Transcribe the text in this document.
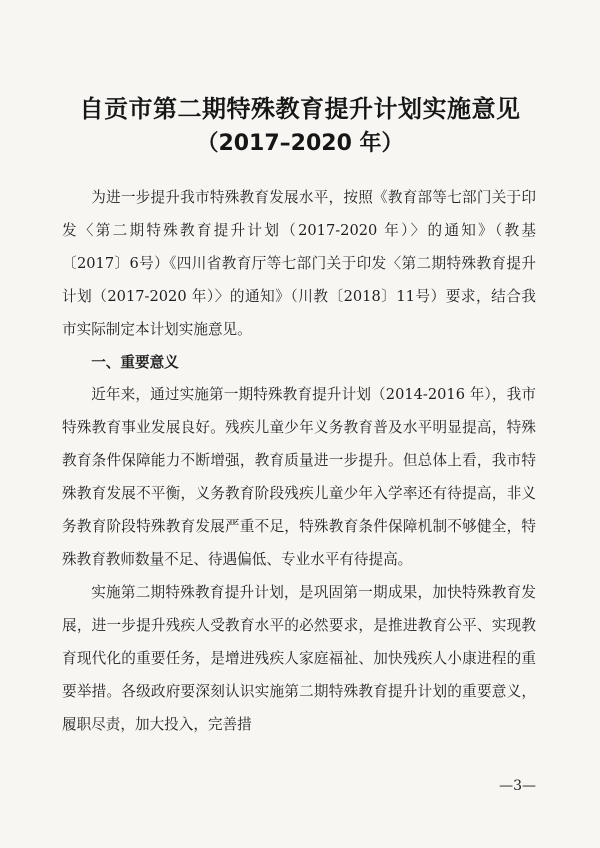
自贡市第二期特殊教育提升计划实施意见
（2017–2020 年）

为进一步提升我市特殊教育发展水平，按照《教育部等七部门关于印发〈第二期特殊教育提升计划（2017-2020 年）〉的通知》（教基〔2017〕6号）《四川省教育厅等七部门关于印发〈第二期特殊教育提升计划（2017-2020 年）〉的通知》（川教〔2018〕11号）要求，结合我市实际制定本计划实施意见。

一、重要意义

近年来，通过实施第一期特殊教育提升计划（2014-2016 年），我市特殊教育事业发展良好。残疾儿童少年义务教育普及水平明显提高，特殊教育条件保障能力不断增强，教育质量进一步提升。但总体上看，我市特殊教育发展不平衡，义务教育阶段残疾儿童少年入学率还有待提高，非义务教育阶段特殊教育发展严重不足，特殊教育条件保障机制不够健全，特殊教育教师数量不足、待遇偏低、专业水平有待提高。

实施第二期特殊教育提升计划，是巩固第一期成果，加快特殊教育发展，进一步提升残疾人受教育水平的必然要求，是推进教育公平、实现教育现代化的重要任务，是增进残疾人家庭福祉、加快残疾人小康进程的重要举措。各级政府要深刻认识实施第二期特殊教育提升计划的重要意义，履职尽责，加大投入，完善措

—3—
